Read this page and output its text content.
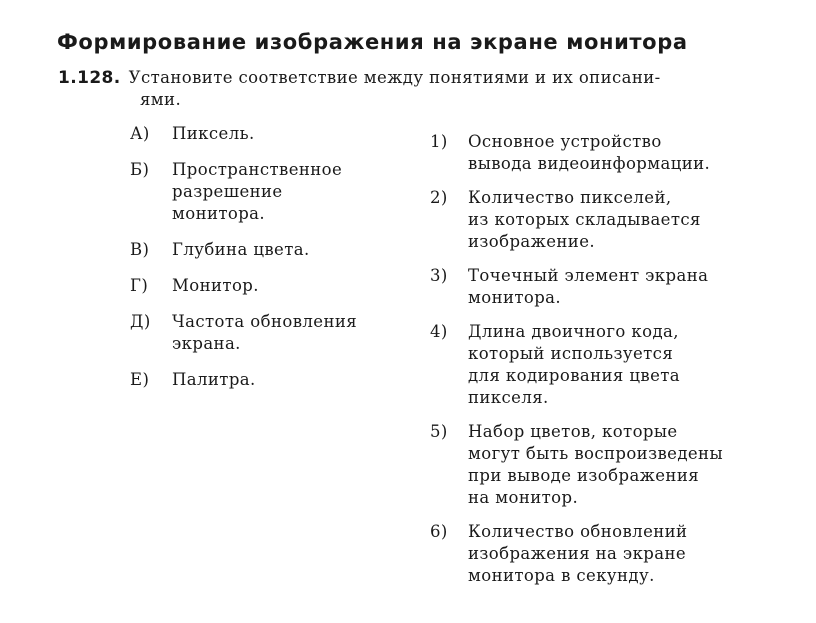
Формирование изображения на экране монитора
1.128. Установите соответствие между понятиями и их описани-
ями.
А)	Пиксель.
Б)	Пространственное
разрешение
монитора.
В)	Глубина цвета.
Г)	Монитор.
Д)	Частота обновления
экрана.
Е)	Палитра.
1)	Основное устройство
вывода видеоинформации.
2)	Количество пикселей,
из которых складывается
изображение.
3)	Точечный элемент экрана
монитора.
4)	Длина двоичного кода,
который используется
для кодирования цвета
пикселя.
5)	Набор цветов, которые
могут быть воспроизведены
при выводе изображения
на монитор.
6)	Количество обновлений
изображения на экране
монитора в секунду.
